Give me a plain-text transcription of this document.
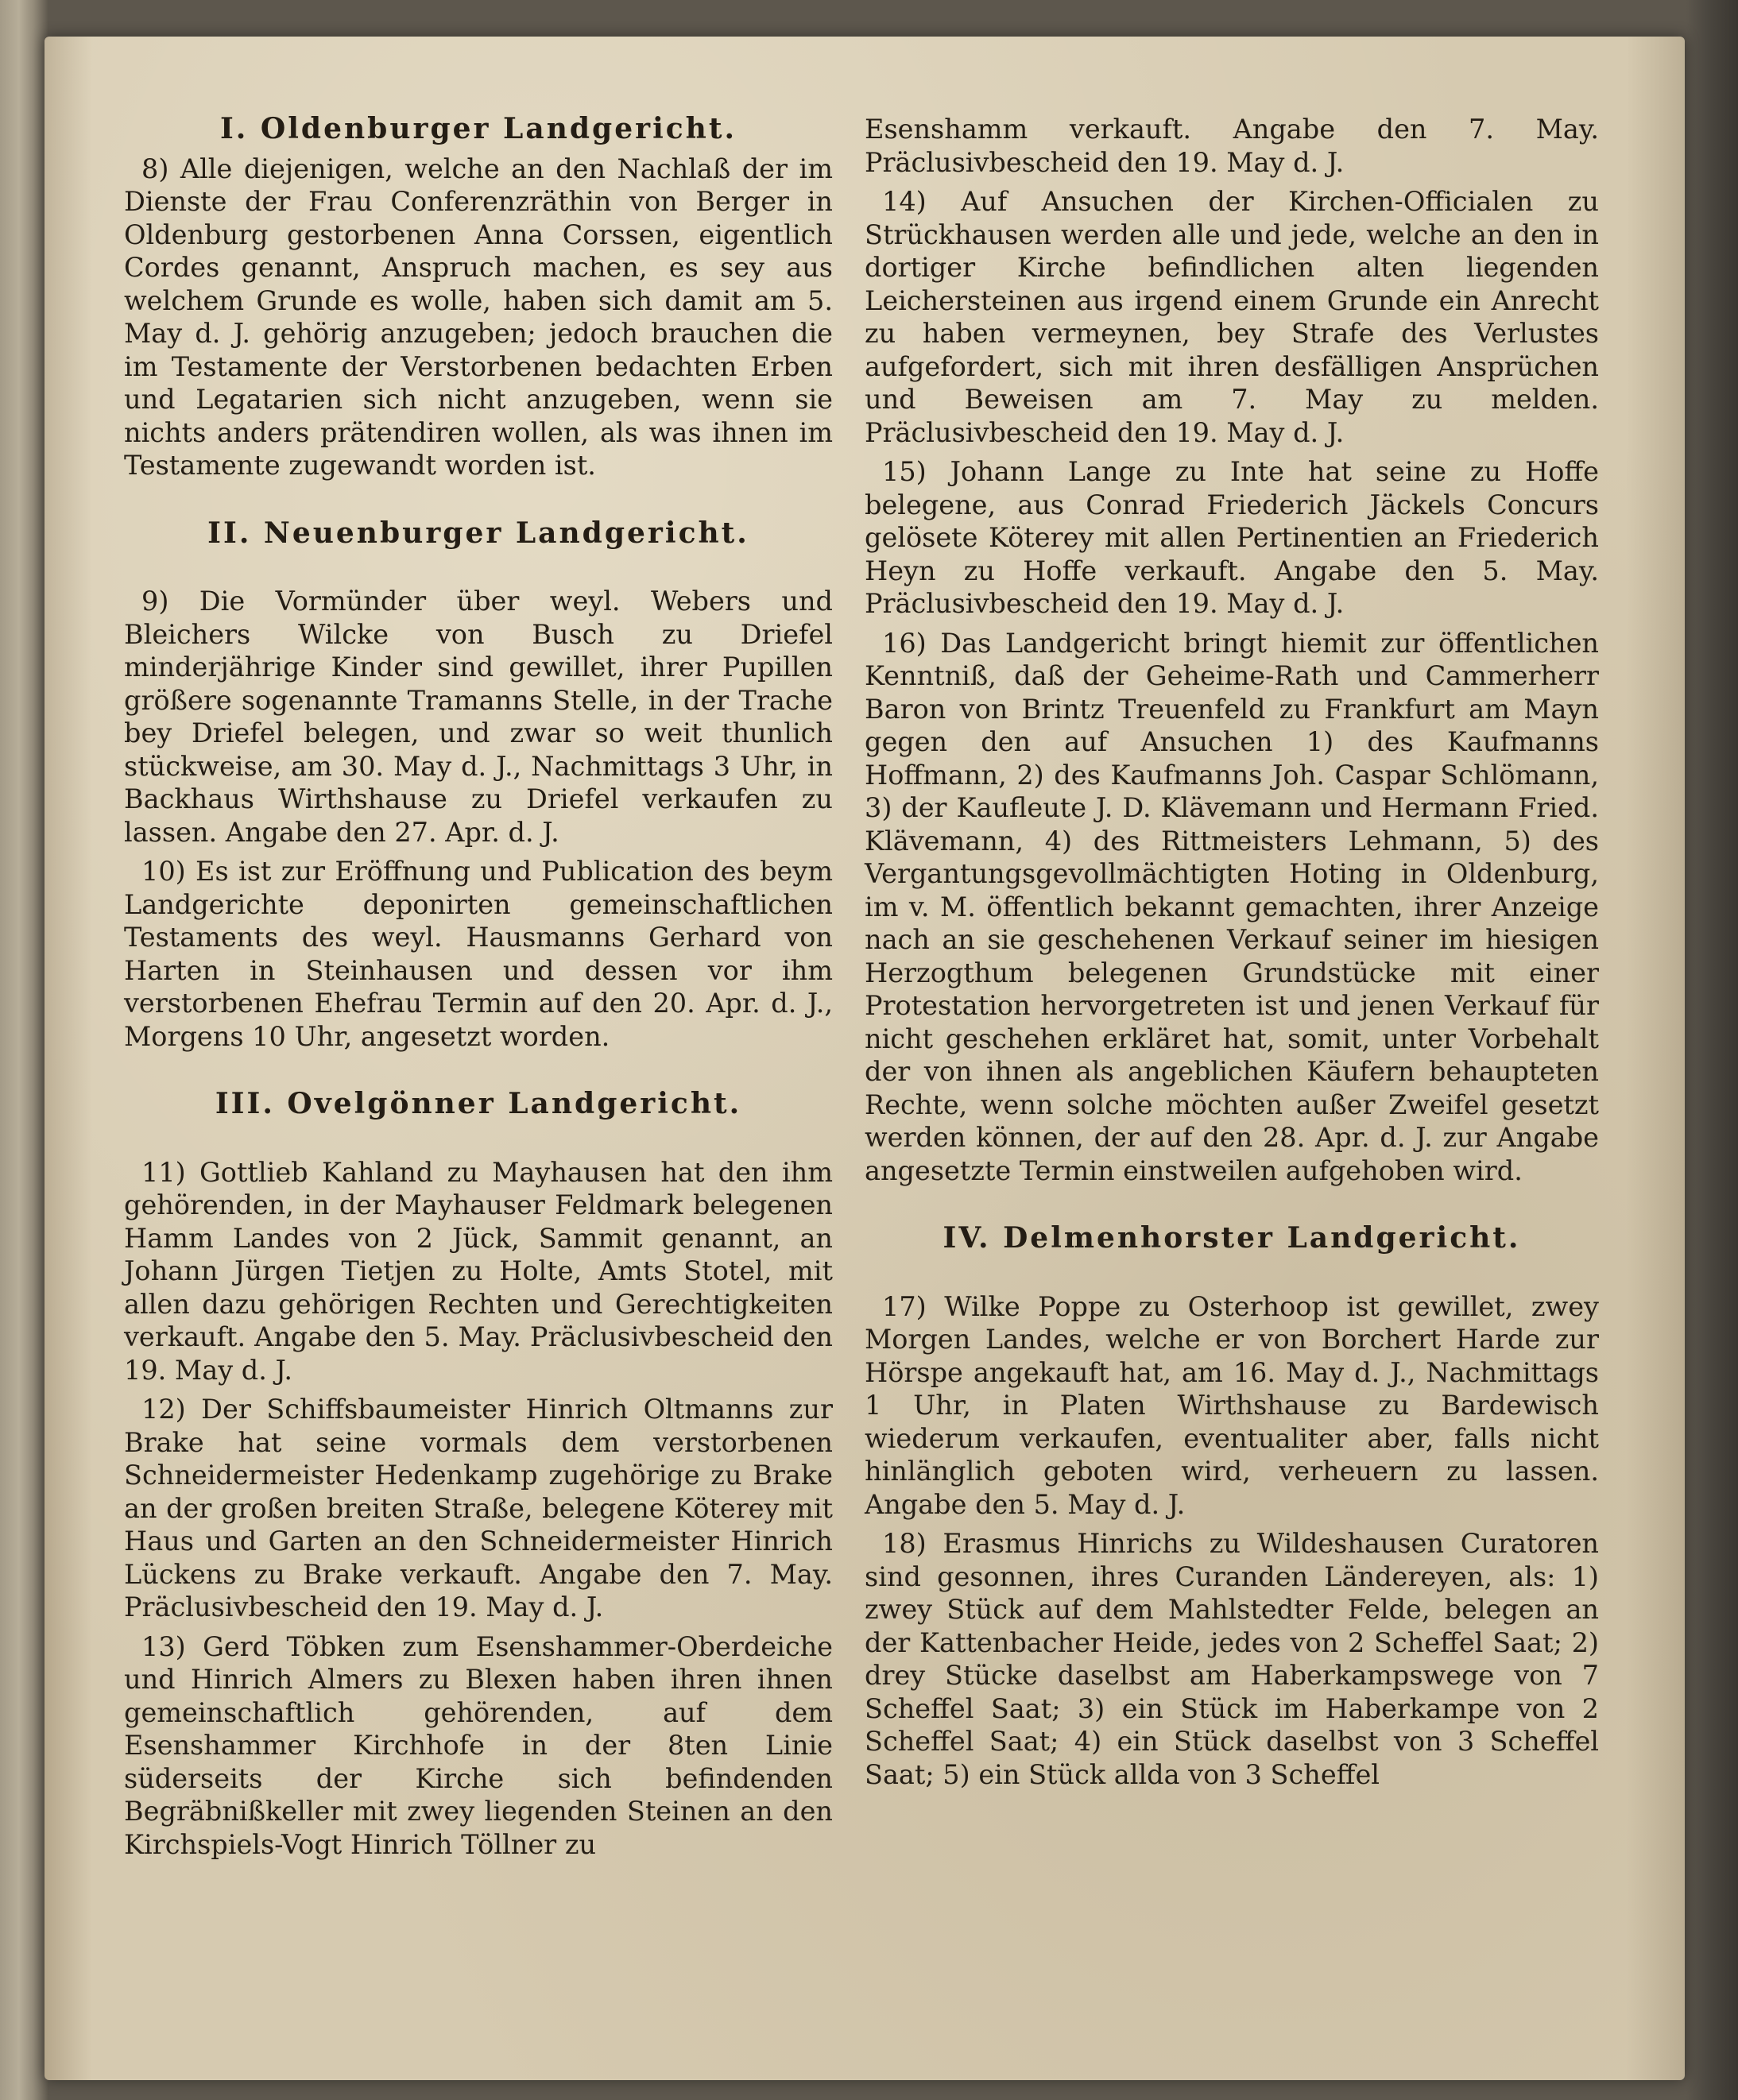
I. Oldenburger Landgericht.

8) Alle diejenigen, welche an den Nachlaß der im Dienste der Frau Conferenzräthin von Berger in Oldenburg gestorbenen Anna Corssen, eigentlich Cordes genannt, Anspruch machen, es sey aus welchem Grunde es wolle, haben sich damit am 5. May d. J. gehörig anzugeben; jedoch brauchen die im Testamente der Verstorbenen bedachten Erben und Legatarien sich nicht anzugeben, wenn sie nichts anders prätendiren wollen, als was ihnen im Testamente zugewandt worden ist.

II. Neuenburger Landgericht.

9) Die Vormünder über weyl. Webers und Bleichers Wilcke von Busch zu Driefel minderjährige Kinder sind gewillet, ihrer Pupillen größere sogenannte Tramanns Stelle, in der Trache bey Driefel belegen, und zwar so weit thunlich stückweise, am 30. May d. J., Nachmittags 3 Uhr, in Backhaus Wirthshause zu Driefel verkaufen zu lassen. Angabe den 27. Apr. d. J.

10) Es ist zur Eröffnung und Publication des beym Landgerichte deponirten gemeinschaftlichen Testaments des weyl. Hausmanns Gerhard von Harten in Steinhausen und dessen vor ihm verstorbenen Ehefrau Termin auf den 20. Apr. d. J., Morgens 10 Uhr, angesetzt worden.

III. Ovelgönner Landgericht.

11) Gottlieb Kahland zu Mayhausen hat den ihm gehörenden, in der Mayhauser Feldmark belegenen Hamm Landes von 2 Jück, Sammit genannt, an Johann Jürgen Tietjen zu Holte, Amts Stotel, mit allen dazu gehörigen Rechten und Gerechtigkeiten verkauft. Angabe den 5. May. Präclusivbescheid den 19. May d. J.

12) Der Schiffsbaumeister Hinrich Oltmanns zur Brake hat seine vormals dem verstorbenen Schneidermeister Hedenkamp zugehörige zu Brake an der großen breiten Straße, belegene Köterey mit Haus und Garten an den Schneidermeister Hinrich Lückens zu Brake verkauft. Angabe den 7. May. Präclusivbescheid den 19. May d. J.

13) Gerd Töbken zum Esenshammer-Oberdeiche und Hinrich Almers zu Blexen haben ihren ihnen gemeinschaftlich gehörenden, auf dem Esenshammer Kirchhofe in der 8ten Linie süderseits der Kirche sich befindenden Begräbnißkeller mit zwey liegenden Steinen an den Kirchspiels-Vogt Hinrich Töllner zu

Esenshamm verkauft. Angabe den 7. May. Präclusivbescheid den 19. May d. J.

14) Auf Ansuchen der Kirchen-Officialen zu Strückhausen werden alle und jede, welche an den in dortiger Kirche befindlichen alten liegenden Leichersteinen aus irgend einem Grunde ein Anrecht zu haben vermeynen, bey Strafe des Verlustes aufgefordert, sich mit ihren desfälligen Ansprüchen und Beweisen am 7. May zu melden. Präclusivbescheid den 19. May d. J.

15) Johann Lange zu Inte hat seine zu Hoffe belegene, aus Conrad Friederich Jäckels Concurs gelösete Köterey mit allen Pertinentien an Friederich Heyn zu Hoffe verkauft. Angabe den 5. May. Präclusivbescheid den 19. May d. J.

16) Das Landgericht bringt hiemit zur öffentlichen Kenntniß, daß der Geheime-Rath und Cammerherr Baron von Brintz Treuenfeld zu Frankfurt am Mayn gegen den auf Ansuchen 1) des Kaufmanns Hoffmann, 2) des Kaufmanns Joh. Caspar Schlömann, 3) der Kaufleute J. D. Klävemann und Hermann Fried. Klävemann, 4) des Rittmeisters Lehmann, 5) des Vergantungsgevollmächtigten Hoting in Oldenburg, im v. M. öffentlich bekannt gemachten, ihrer Anzeige nach an sie geschehenen Verkauf seiner im hiesigen Herzogthum belegenen Grundstücke mit einer Protestation hervorgetreten ist und jenen Verkauf für nicht geschehen erkläret hat, somit, unter Vorbehalt der von ihnen als angeblichen Käufern behaupteten Rechte, wenn solche möchten außer Zweifel gesetzt werden können, der auf den 28. Apr. d. J. zur Angabe angesetzte Termin einstweilen aufgehoben wird.

IV. Delmenhorster Landgericht.

17) Wilke Poppe zu Osterhoop ist gewillet, zwey Morgen Landes, welche er von Borchert Harde zur Hörspe angekauft hat, am 16. May d. J., Nachmittags 1 Uhr, in Platen Wirthshause zu Bardewisch wiederum verkaufen, eventualiter aber, falls nicht hinlänglich geboten wird, verheuern zu lassen. Angabe den 5. May d. J.

18) Erasmus Hinrichs zu Wildeshausen Curatoren sind gesonnen, ihres Curanden Ländereyen, als: 1) zwey Stück auf dem Mahlstedter Felde, belegen an der Kattenbacher Heide, jedes von 2 Scheffel Saat; 2) drey Stücke daselbst am Haberkampswege von 7 Scheffel Saat; 3) ein Stück im Haberkampe von 2 Scheffel Saat; 4) ein Stück daselbst von 3 Scheffel Saat; 5) ein Stück allda von 3 Scheffel
